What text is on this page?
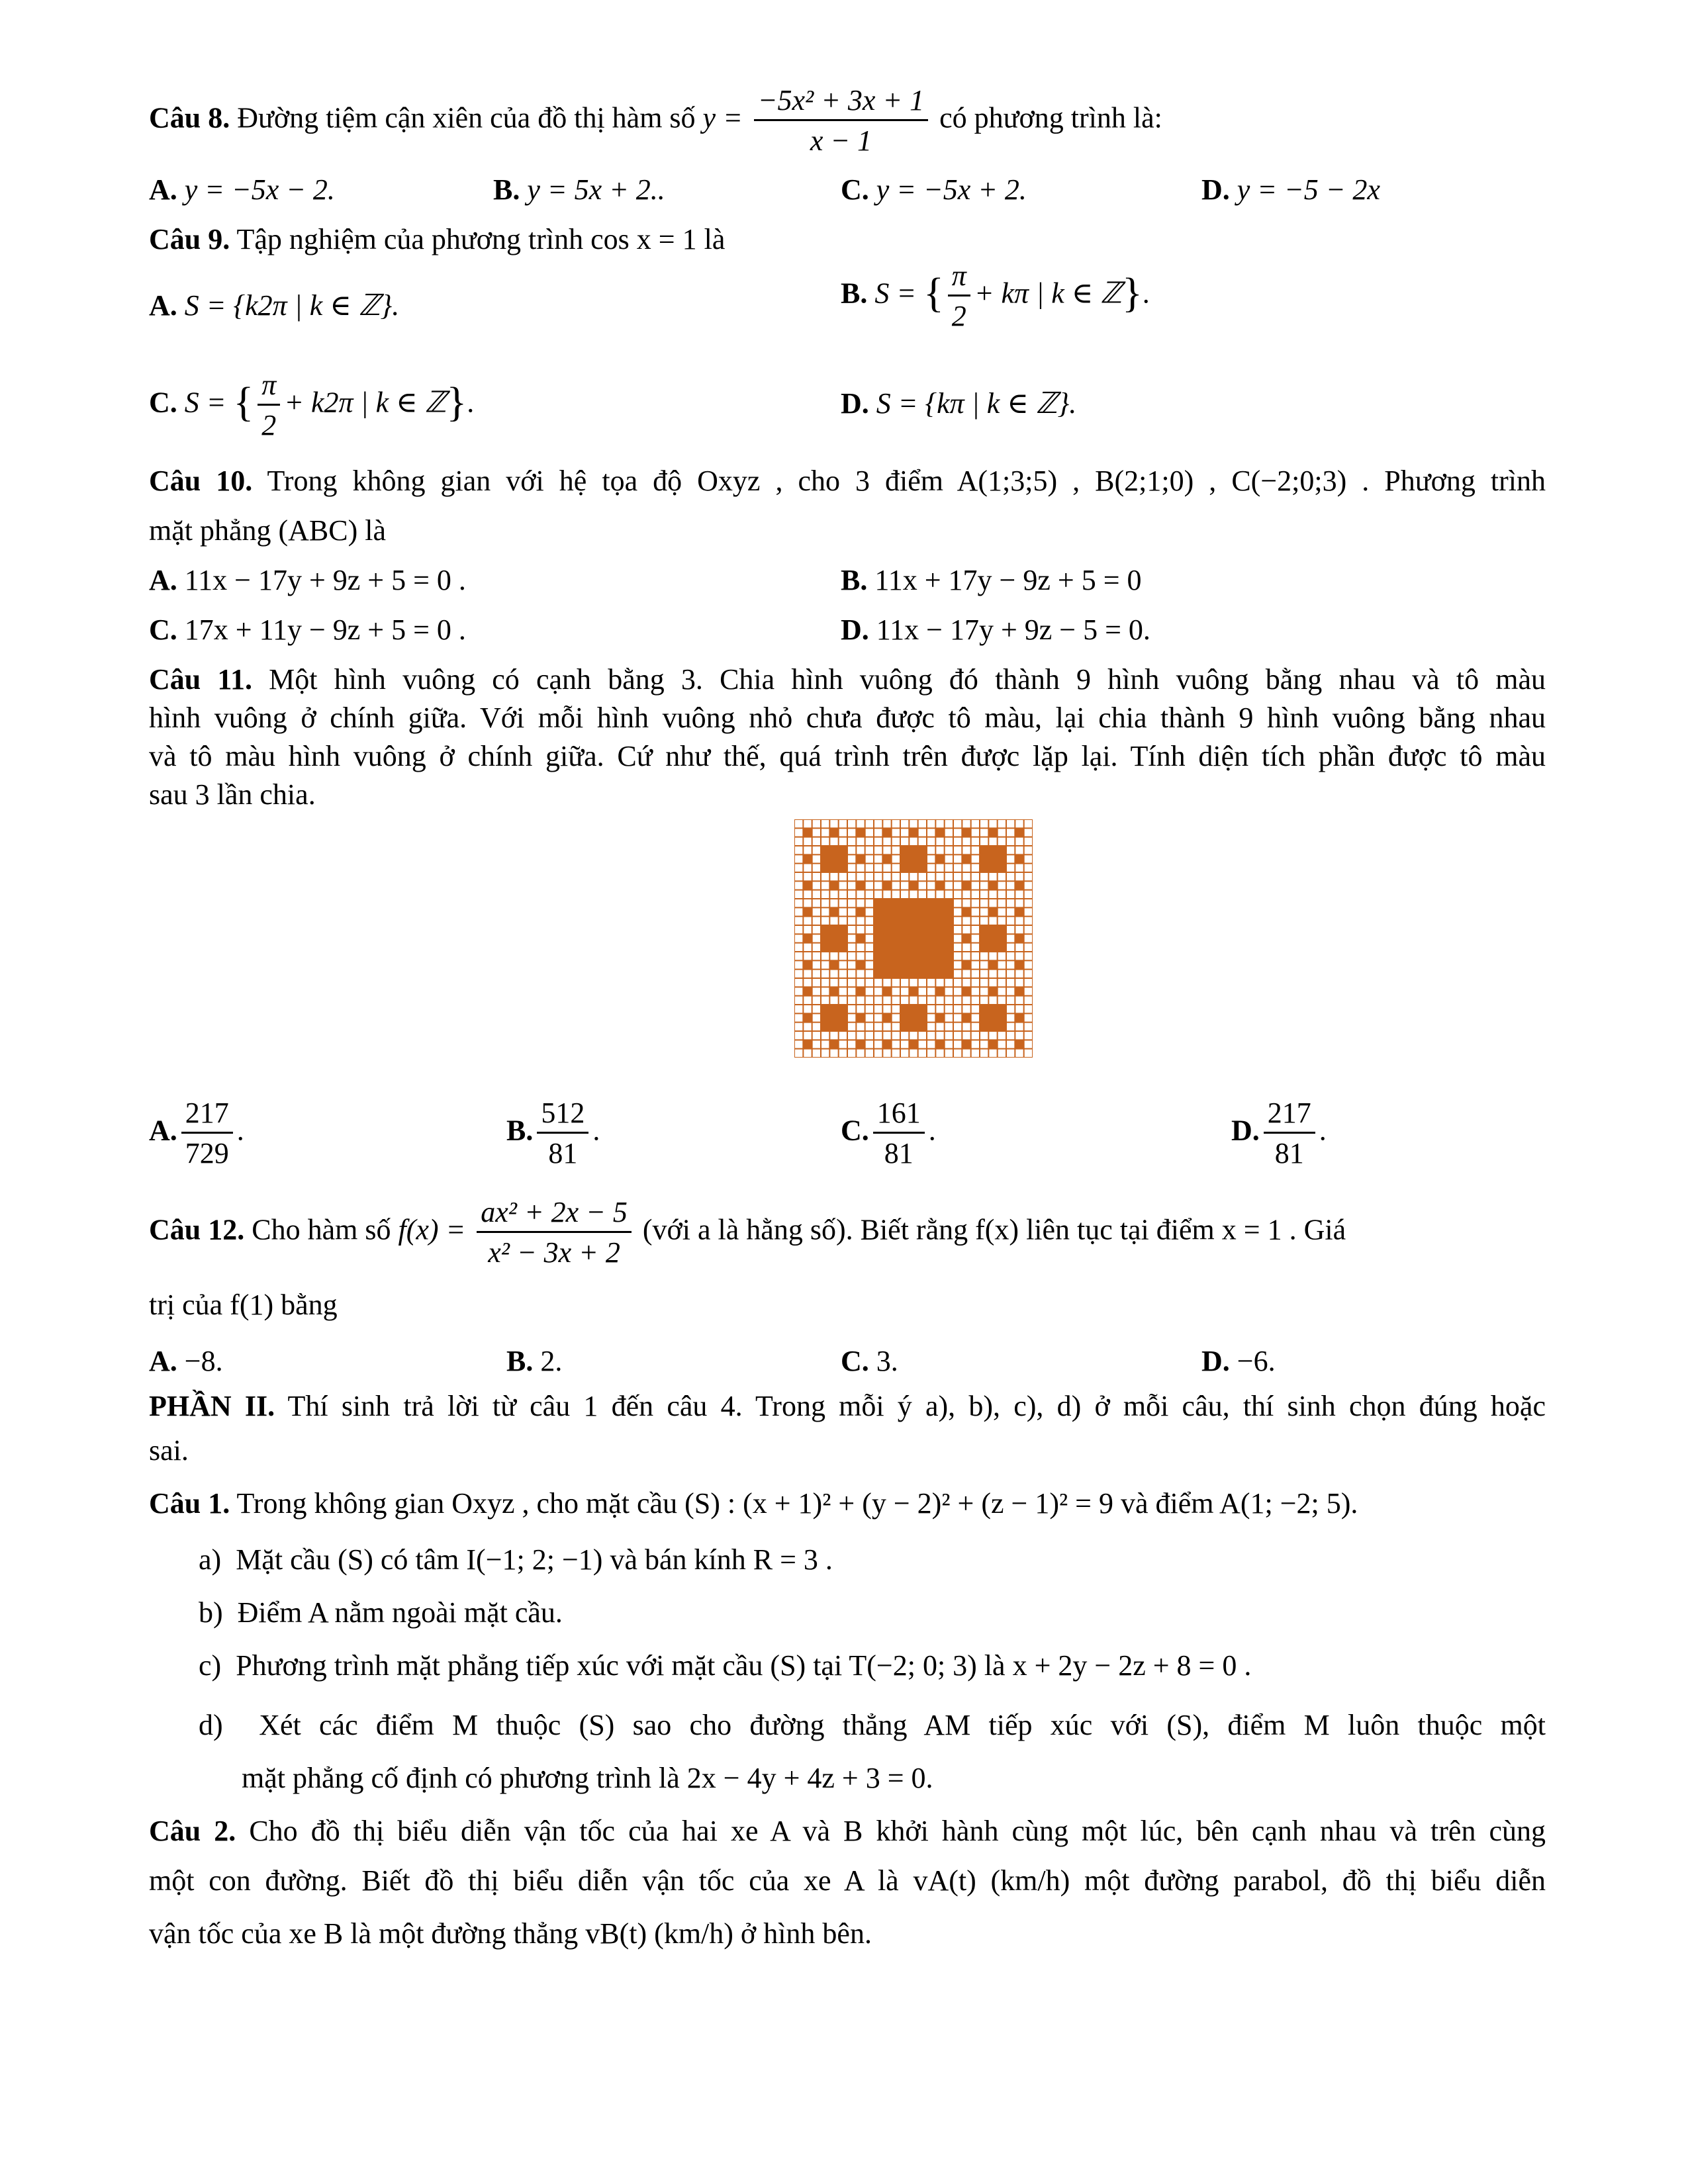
Câu 8. Đường tiệm cận xiên của đồ thị hàm số $y = \frac{\text{−5x² + 3x + 1}}{x - 1}$ có phương trình là:
A. y = −5x − 2.	B. y = 5x + 2..	C. y = −5x + 2.	D. y = −5 − 2x
Câu 9. Tập nghiệm của phương trình cos x = 1 là
A. S = {k2π | k ∈ ℤ}.	B. S = { $\frac{\pi}{2} + k\pi$ | k ∈ ℤ}.
C. S = { $\frac{\pi}{2} + k2\pi$ | k ∈ ℤ}.	D. S = {kπ | k ∈ ℤ}.
Câu 10. Trong không gian với hệ tọa độ Oxyz , cho 3 điểm A(1;3;5) , B(2;1;0) , C(−2;0;3) . Phương trình
mặt phẳng (ABC) là
A. 11x − 17y + 9z + 5 = 0 .	B. 11x + 17y − 9z + 5 = 0
C. 17x + 11y − 9z + 5 = 0 .	D. 11x − 17y + 9z − 5 = 0.
Câu 11. Một hình vuông có cạnh bằng 3. Chia hình vuông đó thành 9 hình vuông bằng nhau và tô màu
hình vuông ở chính giữa. Với mỗi hình vuông nhỏ chưa được tô màu, lại chia thành 9 hình vuông bằng nhau
và tô màu hình vuông ở chính giữa. Cứ như thế, quá trình trên được lặp lại. Tính diện tích phần được tô màu
sau 3 lần chia.
A. $\frac{217}{729}$ .	B. $\frac{512}{81}$ .	C. $\frac{161}{81}$ .	D. $\frac{217}{81}$ .
Câu 12. Cho hàm số $f(x) = \frac{\text{ax² + 2x − 5}}{\text{x² − 3x + 2}}$ (với a là hằng số). Biết rằng f(x) liên tục tại điểm x = 1 . Giá
trị của f(1) bằng
A. −8.	B. 2.	C. 3.	D. −6.
PHẦN II. Thí sinh trả lời từ câu 1 đến câu 4. Trong mỗi ý a), b), c), d) ở mỗi câu, thí sinh chọn đúng hoặc
sai.
Câu 1. Trong không gian Oxyz , cho mặt cầu (S) : (x + 1)² + (y − 2)² + (z − 1)² = 9 và điểm A(1; −2; 5).
a) Mặt cầu (S) có tâm I(−1; 2; −1) và bán kính R = 3 .
b) Điểm A nằm ngoài mặt cầu.
c) Phương trình mặt phẳng tiếp xúc với mặt cầu (S) tại T(−2; 0; 3) là x + 2y − 2z + 8 = 0 .
d) Xét các điểm M thuộc (S) sao cho đường thẳng AM tiếp xúc với (S), điểm M luôn thuộc một
mặt phẳng cố định có phương trình là 2x − 4y + 4z + 3 = 0.
Câu 2. Cho đồ thị biểu diễn vận tốc của hai xe A và B khởi hành cùng một lúc, bên cạnh nhau và trên cùng
một con đường. Biết đồ thị biểu diễn vận tốc của xe A là vA(t) (km/h) một đường parabol, đồ thị biểu diễn
vận tốc của xe B là một đường thẳng vB(t) (km/h) ở hình bên.
